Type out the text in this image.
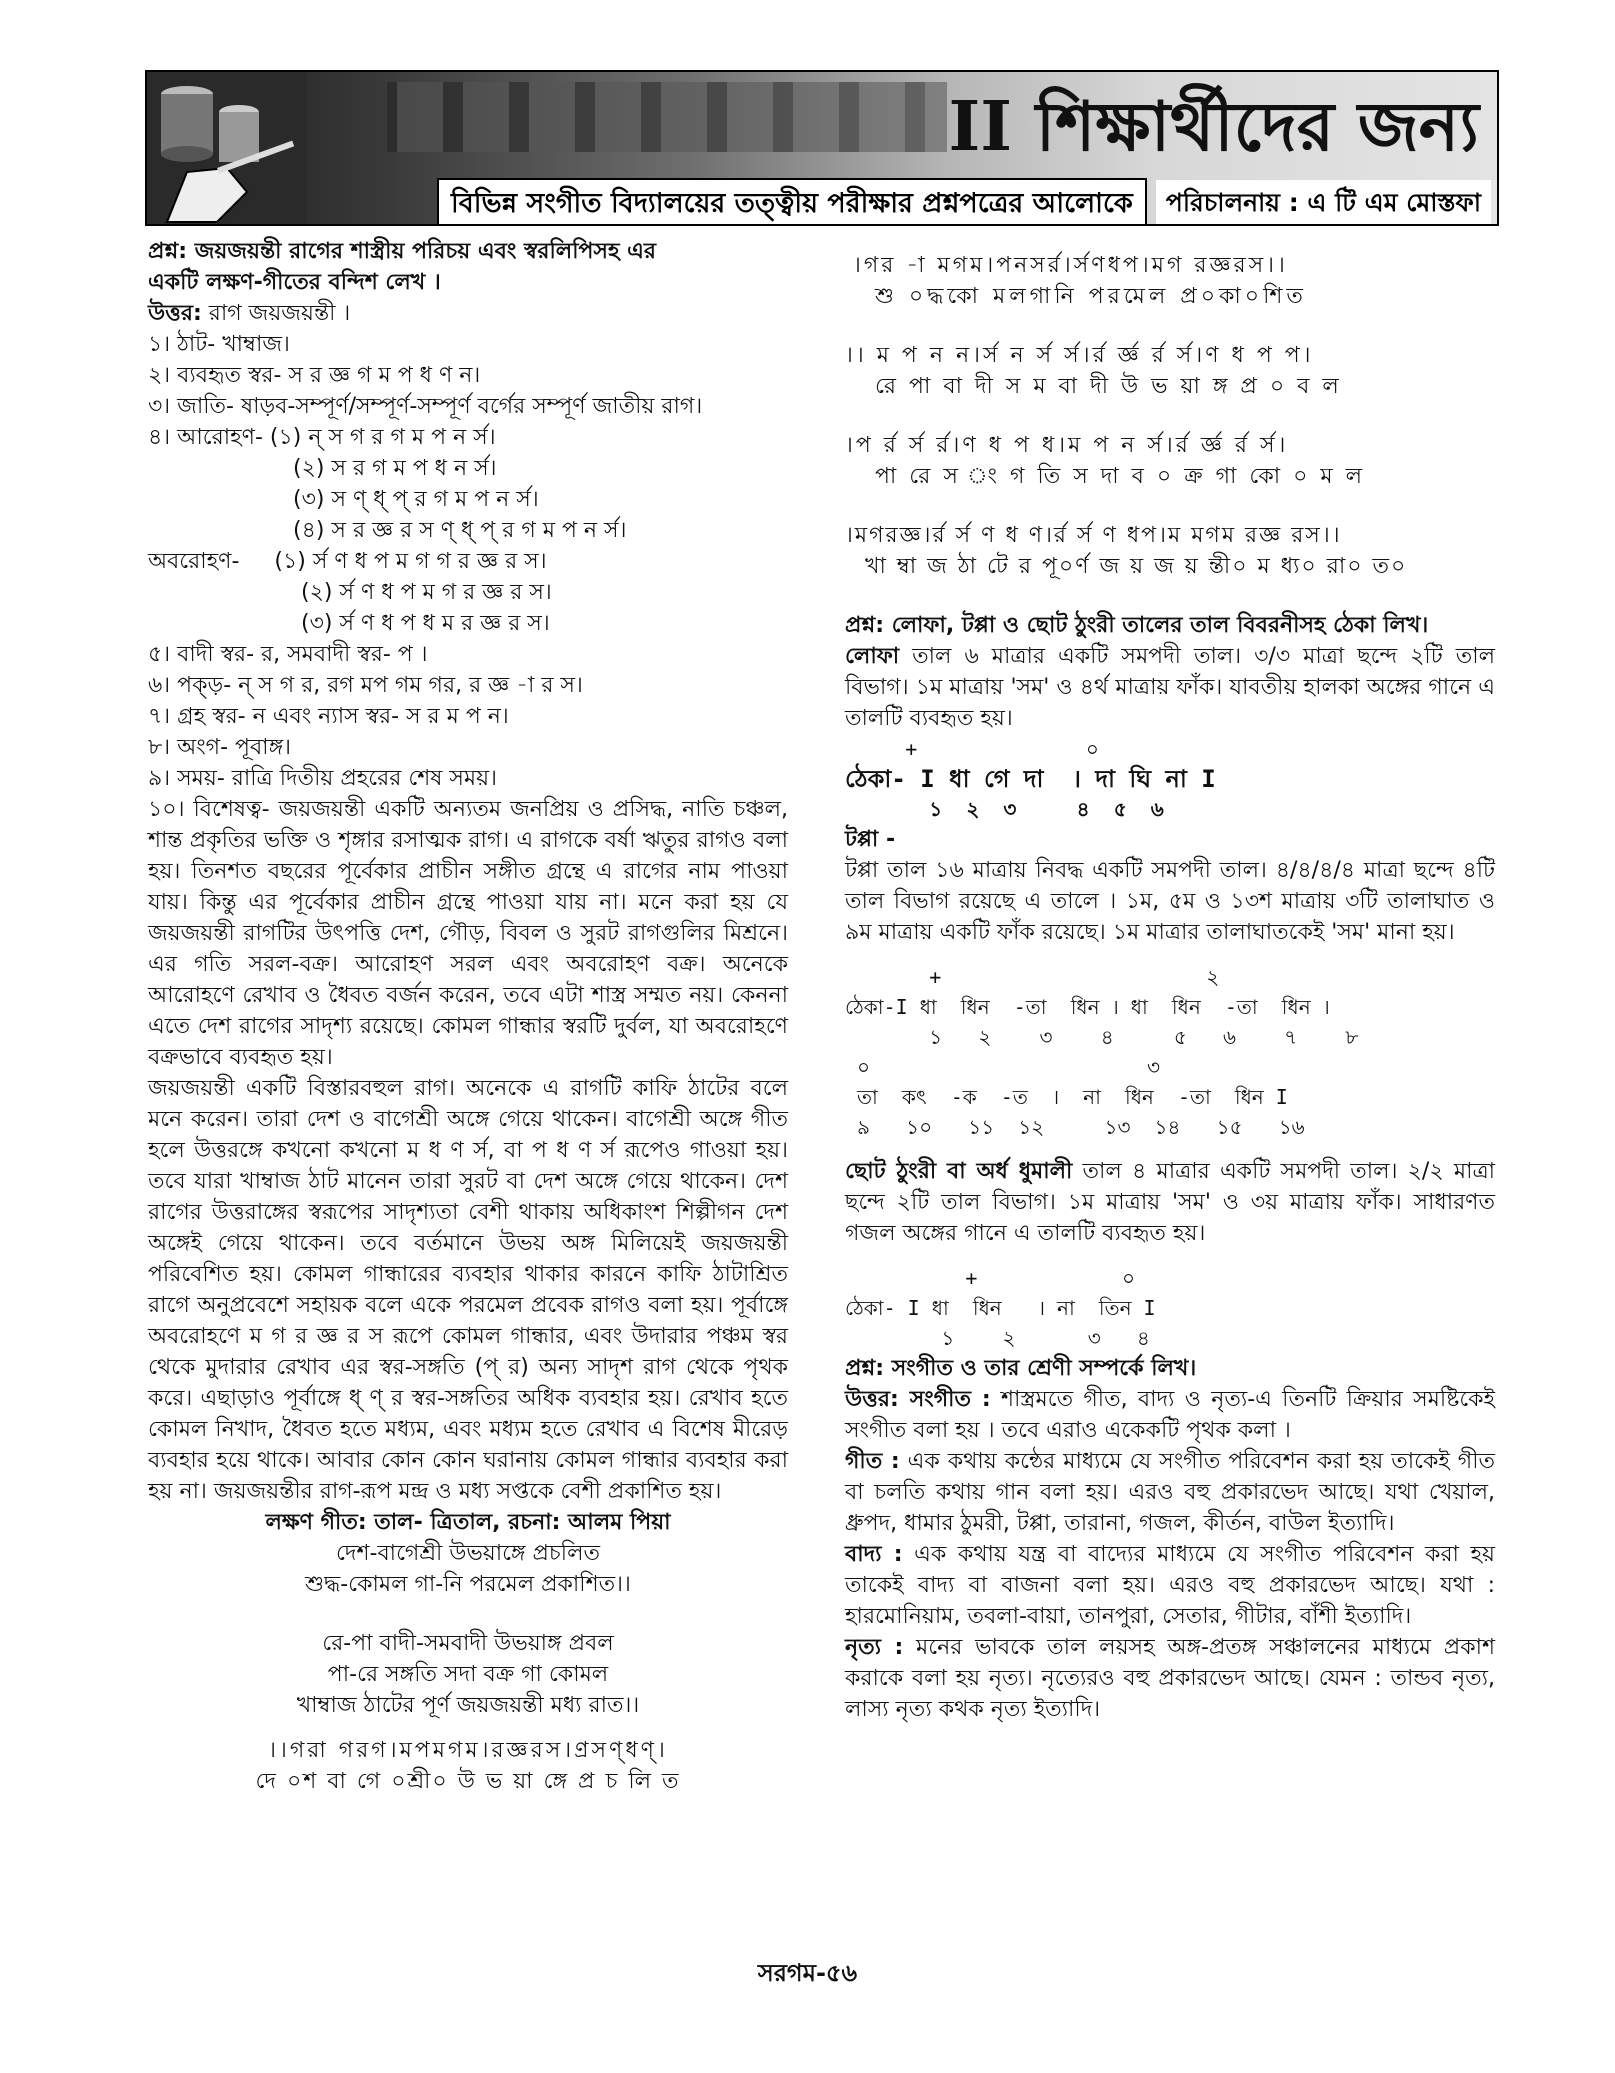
II শিক্ষার্থীদের জন্য
বিভিন্ন সংগীত বিদ্যালয়ের তত্ত্বীয় পরীক্ষার প্রশ্নপত্রের আলোকে	পরিচালনায় : এ টি এম মোস্তফা
প্রশ্ন: জয়জয়ন্তী রাগের শাস্ত্রীয় পরিচয় এবং স্বরলিপিসহ এর
একটি লক্ষণ-গীতের বন্দিশ লেখ ।
উত্তর: রাগ জয়জয়ন্তী ।
১। ঠাট- খাম্বাজ।
২। ব্যবহৃত স্বর- স র জ্ঞ গ ম প ধ ণ ন।
৩। জাতি- ষাড়ব-সম্পূর্ণ/সম্পূর্ণ-সম্পূর্ণ বর্গের সম্পূর্ণ জাতীয় রাগ।
৪। আরোহণ- (১) ন্ স গ র গ ম প ন র্স।
(২) স র গ ম প ধ ন র্স।
(৩) স ণ্ ধ্ প্ র গ ম প ন র্স।
(৪) স র জ্ঞ র স ণ্ ধ্ প্ র গ ম প ন র্স।
অবরোহণ-     (১) র্স ণ ধ প ম গ গ র জ্ঞ র স।
(২) র্স ণ ধ প ম গ র জ্ঞ র স।
(৩) র্স ণ ধ প ধ ম র জ্ঞ র স।
৫। বাদী স্বর- র, সমবাদী স্বর- প ।
৬। পক্‌ড়- ন্ স গ র, রগ মপ গম গর, র জ্ঞ -া র স।
৭। গ্রহ স্বর- ন এবং ন্যাস স্বর- স র ম প ন।
৮। অংগ- পূবাঙ্গ।
৯। সময়- রাত্রি দিতীয় প্রহরের শেষ সময়।
১০। বিশেষত্ব- জয়জয়ন্তী একটি অন্যতম জনপ্রিয় ও প্রসিদ্ধ, নাতি চঞ্চল, শান্ত প্রকৃতির ভক্তি ও শৃঙ্গার রসাত্মক রাগ। এ রাগকে বর্ষা ঋতুর রাগও বলা হয়। তিনশত বছরের পূর্বেকার প্রাচীন সঙ্গীত গ্রন্থে এ রাগের নাম পাওয়া যায়। কিন্তু এর পূর্বেকার প্রাচীন গ্রন্থে পাওয়া যায় না। মনে করা হয় যে জয়জয়ন্তী রাগটির উৎপত্তি দেশ, গৌড়, বিবল ও সুরট রাগগুলির মিশ্রনে। এর গতি সরল-বক্র। আরোহণ সরল এবং অবরোহণ বক্র। অনেকে আরোহণে রেখাব ও ধৈবত বর্জন করেন, তবে এটা শাস্ত্র সম্মত নয়। কেননা এতে দেশ রাগের সাদৃশ্য রয়েছে। কোমল গান্ধার স্বরটি দুর্বল, যা অবরোহণে বক্রভাবে ব্যবহৃত হয়।
জয়জয়ন্তী একটি বিস্তারবহুল রাগ। অনেকে এ রাগটি কাফি ঠাটের বলে মনে করেন। তারা দেশ ও বাগেশ্রী অঙ্গে গেয়ে থাকেন। বাগেশ্রী অঙ্গে গীত হলে উত্তরঙ্গে কখনো কখনো ম ধ ণ র্স, বা প ধ ণ র্স রূপেও গাওয়া হয়। তবে যারা খাম্বাজ ঠাট মানেন তারা সুরট বা দেশ অঙ্গে গেয়ে থাকেন। দেশ রাগের উত্তরাঙ্গের স্বরূপের সাদৃশ্যতা বেশী থাকায় অধিকাংশ শিল্পীগন দেশ অঙ্গেই গেয়ে থাকেন। তবে বর্তমানে উভয় অঙ্গ মিলিয়েই জয়জয়ন্তী পরিবেশিত হয়। কোমল গান্ধারের ব্যবহার থাকার কারনে কাফি ঠাটাশ্রিত রাগে অনুপ্রবেশে সহায়ক বলে একে পরমেল প্রবেক রাগও বলা হয়। পূর্বাঙ্গে অবরোহণে ম গ র জ্ঞ র স রূপে কোমল গান্ধার, এবং উদারার পঞ্চম স্বর থেকে মুদারার রেখাব এর স্বর-সঙ্গতি (প্‌ র) অন্য সাদৃশ রাগ থেকে পৃথক করে। এছাড়াও পূর্বাঙ্গে ধ্ ণ্ র স্বর-সঙ্গতির অধিক ব্যবহার হয়। রেখাব হতে কোমল নিখাদ, ধৈবত হতে মধ্যম, এবং মধ্যম হতে রেখাব এ বিশেষ মীরেড় ব্যবহার হয়ে থাকে। আবার কোন কোন ঘরানায় কোমল গান্ধার ব্যবহার করা হয় না। জয়জয়ন্তীর রাগ-রূপ মন্দ্র ও মধ্য সপ্তকে বেশী প্রকাশিত হয়।
লক্ষণ গীত: তাল- ত্রিতাল, রচনা: আলম পিয়া
দেশ-বাগেশ্রী উভয়াঙ্গে প্রচলিত
শুদ্ধ-কোমল গা-নি পরমেল প্রকাশিত।।
রে-পা বাদী-সমবাদী উভয়াঙ্গ প্রবল
পা-রে সঙ্গতি সদা বক্র গা কোমল
খাম্বাজ ঠাটের পূর্ণ জয়জয়ন্তী মধ্য রাত।।
।।গরা গরগ।মপমগম।রজ্ঞরস।ণ্রসণ্ধণ্।
দে ০শ বা গে ০শ্রী০ উ ভ য়া ঙ্গে প্র চ লি ত
।গর -া মগম।পনসর্র।র্সণধপ।মগ রজ্ঞরস।।
শু ০দ্ধকো মলগানি পরমেল প্র০কা০শিত
।। ম প ন ন।র্স ন র্স র্স।র্র র্জ্ঞ র্র র্স।ণ ধ প প।
রে পা বা দী স ম বা দী উ ভ য়া ঙ্গ প্র ০ ব ল
।প র্র র্স র্র।ণ ধ প ধ।ম প ন র্স।র্র র্জ্ঞ র্র র্স।
পা রে স ং গ তি স দা ব ০ ক্র গা কো ০ ম ল
।মগরজ্ঞ।র্র র্স ণ ধ ণ।র্র র্স ণ ধপ।ম মগম রজ্ঞ রস।।
খা ম্বা জ ঠা টে র পূ০র্ণ জ য় জ য় ন্তী০ ম ধ্য০ রা০ ত০
প্রশ্ন: লোফা, টপ্পা ও ছোট ঠুংরী তালের তাল বিবরনীসহ ঠেকা লিখ।
লোফা তাল ৬ মাত্রার একটি সমপদী তাল। ৩/৩ মাত্রা ছন্দে ২টি তাল বিভাগ। ১ম মাত্রায় 'সম' ও ৪র্থ মাত্রায় ফাঁক। যাবতীয় হালকা অঙ্গের গানে এ তালটি ব্যবহৃত হয়।
+              ০
ঠেকা- I ধা গে দা  । দা ঘি না I
১  ২  ৩     ৪  ৫  ৬
টপ্পা -
টপ্পা তাল ১৬ মাত্রায় নিবদ্ধ একটি সমপদী তাল। ৪/৪/৪/৪ মাত্রা ছন্দে ৪টি তাল বিভাগ রয়েছে এ তালে । ১ম, ৫ম ও ১৩শ মাত্রায় ৩টি তালাঘাত ও ৯ম মাত্রায় একটি ফাঁক রয়েছে। ১ম মাত্রার তালাঘাতকেই 'সম' মানা হয়।
+                      ২
ঠেকা-I ধা  ধিন  -তা  ধিন । ধা  ধিন  -তা  ধিন ।
১   ২    ৩    ৪     ৫   ৬    ৭    ৮
০                       ৩
তা  কৎ  -ক  -ত  ।  না  ধিন  -তা  ধিন I
৯   ১০   ১১  ১২     ১৩  ১৪   ১৫   ১৬
ছোট ঠুংরী বা অর্ধ ধুমালী তাল ৪ মাত্রার একটি সমপদী তাল। ২/২ মাত্রা ছন্দে ২টি তাল বিভাগ। ১ম মাত্রায় 'সম' ও ৩য় মাত্রায় ফাঁক। সাধারণত গজল অঙ্গের গানে এ তালটি ব্যবহৃত হয়।
+            ০
ঠেকা- I ধা  ধিন   । না  তিন I
১    ২      ৩   ৪
প্রশ্ন: সংগীত ও তার শ্রেণী সম্পর্কে লিখ।
উত্তর: সংগীত : শাস্ত্রমতে গীত, বাদ্য ও নৃত্য-এ তিনটি ক্রিয়ার সমষ্টিকেই সংগীত বলা হয় । তবে এরাও একেকটি পৃথক কলা ।
গীত : এক কথায় কন্ঠের মাধ্যমে যে সংগীত পরিবেশন করা হয় তাকেই গীত বা চলতি কথায় গান বলা হয়। এরও বহু প্রকারভেদ আছে। যথা খেয়াল, ধ্রুপদ, ধামার ঠুমরী, টপ্পা, তারানা, গজল, কীর্তন, বাউল ইত্যাদি।
বাদ্য : এক কথায় যন্ত্র বা বাদ্যের মাধ্যমে যে সংগীত পরিবেশন করা হয় তাকেই বাদ্য বা বাজনা বলা হয়। এরও বহু প্রকারভেদ আছে। যথা : হারমোনিয়াম, তবলা-বায়া, তানপুরা, সেতার, গীটার, বাঁশী ইত্যাদি।
নৃত্য : মনের ভাবকে তাল লয়সহ অঙ্গ-প্রতঙ্গ সঞ্চালনের মাধ্যমে প্রকাশ করাকে বলা হয় নৃত্য। নৃত্যেরও বহু প্রকারভেদ আছে। যেমন : তান্ডব নৃত্য, লাস্য নৃত্য কথক নৃত্য ইত্যাদি।
সরগম-৫৬
